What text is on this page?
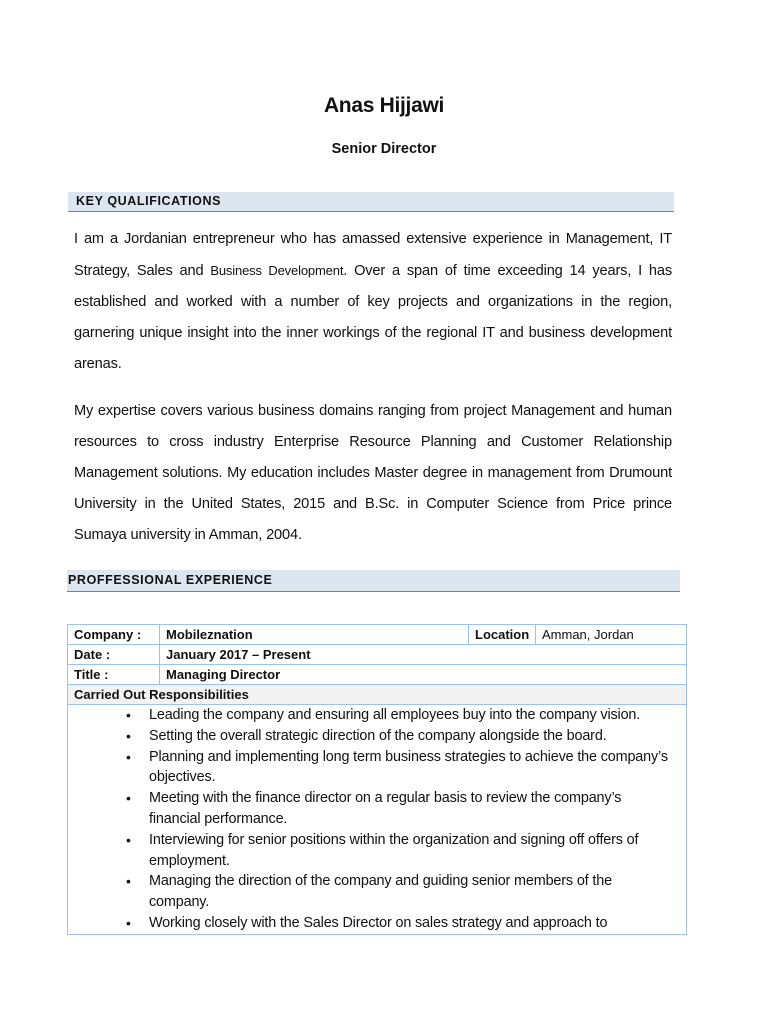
Anas Hijjawi
Senior Director
KEY QUALIFICATIONS

I am a Jordanian entrepreneur who has amassed extensive experience in Management, IT Strategy, Sales and Business Development. Over a span of time exceeding 14 years, I has established and worked with a number of key projects and organizations in the region, garnering unique insight into the inner workings of the regional IT and business development arenas.

My expertise covers various business domains ranging from project Management and human resources to cross industry Enterprise Resource Planning and Customer Relationship Management solutions. My education includes Master degree in management from Drumount University in the United States, 2015 and B.Sc. in Computer Science from Price prince Sumaya university in Amman, 2004.

PROFFESSIONAL EXPERIENCE
Company :	Mobileznation	Location	Amman, Jordan
Date :	January 2017 – Present		
Title :	Managing Director		
Carried Out Responsibilities			

• Leading the company and ensuring all employees buy into the company vision.
• Setting the overall strategic direction of the company alongside the board.
• Planning and implementing long term business strategies to achieve the company’s objectives.
• Meeting with the finance director on a regular basis to review the company’s financial performance.
• Interviewing for senior positions within the organization and signing off offers of employment.
• Managing the direction of the company and guiding senior members of the company.
• Working closely with the Sales Director on sales strategy and approach to
